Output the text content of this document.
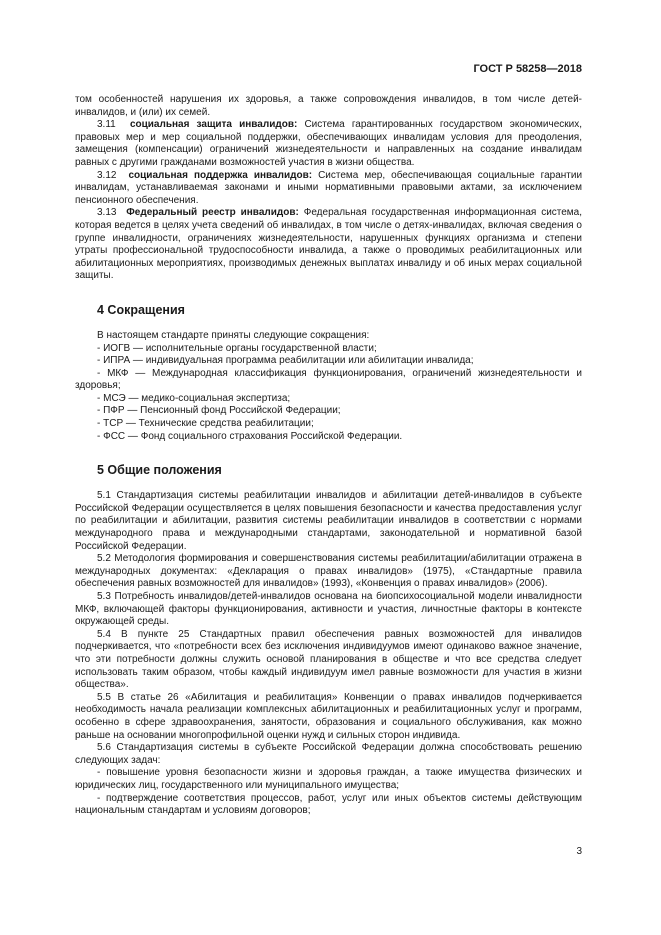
ГОСТ Р 58258—2018

том особенностей нарушения их здоровья, а также сопровождения инвалидов, в том числе детей-инвалидов, и (или) их семей.

3.11 социальная защита инвалидов: Система гарантированных государством экономических, правовых мер и мер социальной поддержки, обеспечивающих инвалидам условия для преодоления, замещения (компенсации) ограничений жизнедеятельности и направленных на создание инвалидам равных с другими гражданами возможностей участия в жизни общества.

3.12 социальная поддержка инвалидов: Система мер, обеспечивающая социальные гарантии инвалидам, устанавливаемая законами и иными нормативными правовыми актами, за исключением пенсионного обеспечения.

3.13 Федеральный реестр инвалидов: Федеральная государственная информационная система, которая ведется в целях учета сведений об инвалидах, в том числе о детях-инвалидах, включая сведения о группе инвалидности, ограничениях жизнедеятельности, нарушенных функциях организма и степени утраты профессиональной трудоспособности инвалида, а также о проводимых реабилитационных или абилитационных мероприятиях, производимых денежных выплатах инвалиду и об иных мерах социальной защиты.

4 Сокращения

В настоящем стандарте приняты следующие сокращения:

- ИОГВ — исполнительные органы государственной власти;

- ИПРА — индивидуальная программа реабилитации или абилитации инвалида;

- МКФ — Международная классификация функционирования, ограничений жизнедеятельности и здоровья;

- МСЭ — медико-социальная экспертиза;

- ПФР — Пенсионный фонд Российской Федерации;

- ТСР — Технические средства реабилитации;

- ФСС — Фонд социального страхования Российской Федерации.

5 Общие положения

5.1 Стандартизация системы реабилитации инвалидов и абилитации детей-инвалидов в субъекте Российской Федерации осуществляется в целях повышения безопасности и качества предоставления услуг по реабилитации и абилитации, развития системы реабилитации инвалидов в соответствии с нормами международного права и международными стандартами, законодательной и нормативной базой Российской Федерации.

5.2 Методология формирования и совершенствования системы реабилитации/абилитации отражена в международных документах: «Декларация о правах инвалидов» (1975), «Стандартные правила обеспечения равных возможностей для инвалидов» (1993), «Конвенция о правах инвалидов» (2006).

5.3 Потребность инвалидов/детей-инвалидов основана на биопсихосоциальной модели инвалидности МКФ, включающей факторы функционирования, активности и участия, личностные факторы в контексте окружающей среды.

5.4 В пункте 25 Стандартных правил обеспечения равных возможностей для инвалидов подчеркивается, что «потребности всех без исключения индивидуумов имеют одинаково важное значение, что эти потребности должны служить основой планирования в обществе и что все средства следует использовать таким образом, чтобы каждый индивидуум имел равные возможности для участия в жизни общества».

5.5 В статье 26 «Абилитация и реабилитация» Конвенции о правах инвалидов подчеркивается необходимость начала реализации комплексных абилитационных и реабилитационных услуг и программ, особенно в сфере здравоохранения, занятости, образования и социального обслуживания, как можно раньше на основании многопрофильной оценки нужд и сильных сторон индивида.

5.6 Стандартизация системы в субъекте Российской Федерации должна способствовать решению следующих задач:

- повышение уровня безопасности жизни и здоровья граждан, а также имущества физических и юридических лиц, государственного или муниципального имущества;

- подтверждение соответствия процессов, работ, услуг или иных объектов системы действующим национальным стандартам и условиям договоров;

3
